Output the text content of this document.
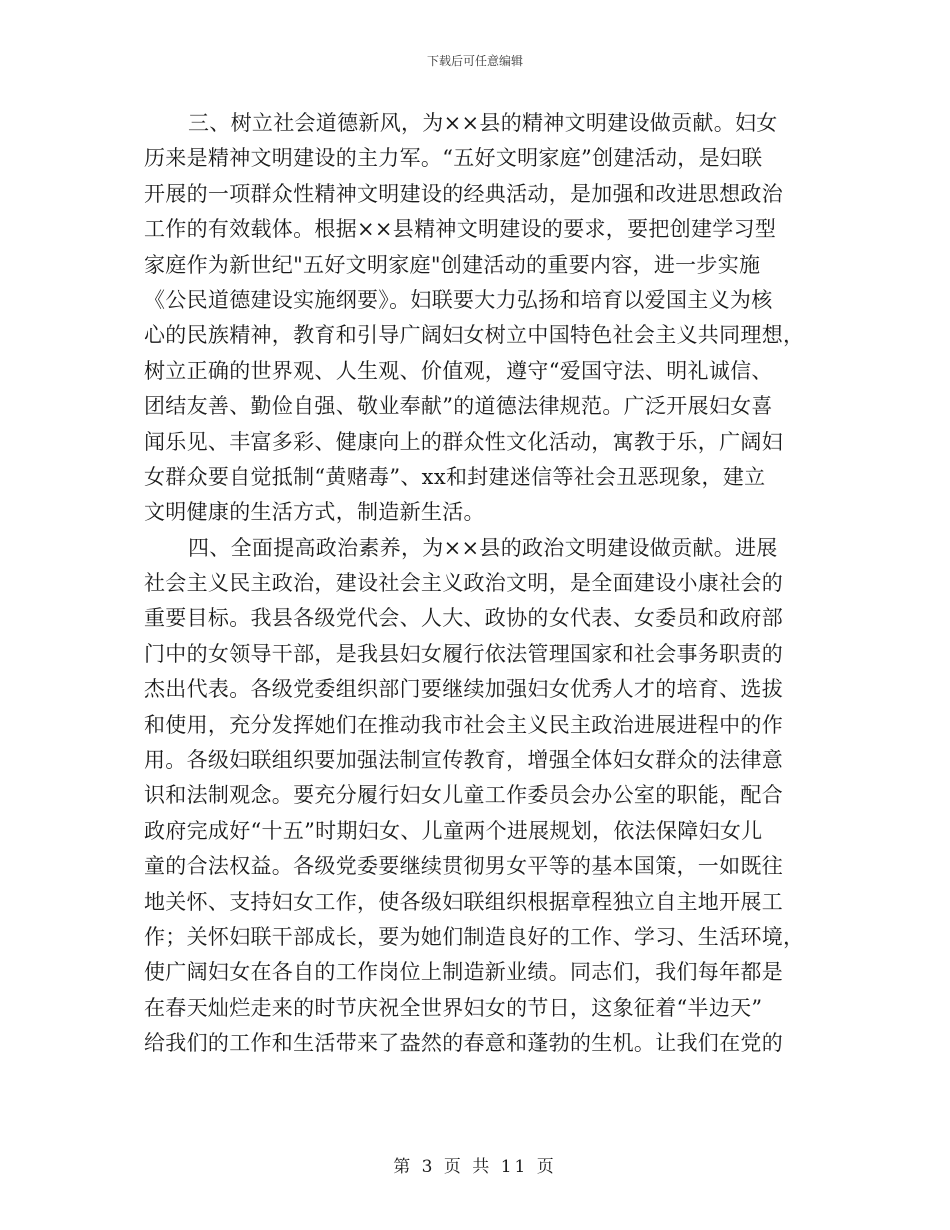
下载后可任意编辑
三、树立社会道德新风，为××县的精神文明建设做贡献。妇女
历来是精神文明建设的主力军。“五好文明家庭”创建活动，是妇联
开展的一项群众性精神文明建设的经典活动，是加强和改进思想政治
工作的有效载体。根据××县精神文明建设的要求，要把创建学习型
家庭作为新世纪"五好文明家庭"创建活动的重要内容，进一步实施
《公民道德建设实施纲要》。妇联要大力弘扬和培育以爱国主义为核
心的民族精神，教育和引导广阔妇女树立中国特色社会主义共同理想，
树立正确的世界观、人生观、价值观，遵守“爱国守法、明礼诚信、
团结友善、勤俭自强、敬业奉献”的道德法律规范。广泛开展妇女喜
闻乐见、丰富多彩、健康向上的群众性文化活动，寓教于乐，广阔妇
女群众要自觉抵制“黄赌毒”、xx和封建迷信等社会丑恶现象，建立
文明健康的生活方式，制造新生活。
四、全面提高政治素养，为××县的政治文明建设做贡献。进展
社会主义民主政治，建设社会主义政治文明，是全面建设小康社会的
重要目标。我县各级党代会、人大、政协的女代表、女委员和政府部
门中的女领导干部，是我县妇女履行依法管理国家和社会事务职责的
杰出代表。各级党委组织部门要继续加强妇女优秀人才的培育、选拔
和使用，充分发挥她们在推动我市社会主义民主政治进展进程中的作
用。各级妇联组织要加强法制宣传教育，增强全体妇女群众的法律意
识和法制观念。要充分履行妇女儿童工作委员会办公室的职能，配合
政府完成好“十五”时期妇女、儿童两个进展规划，依法保障妇女儿
童的合法权益。各级党委要继续贯彻男女平等的基本国策，一如既往
地关怀、支持妇女工作，使各级妇联组织根据章程独立自主地开展工
作；关怀妇联干部成长，要为她们制造良好的工作、学习、生活环境，
使广阔妇女在各自的工作岗位上制造新业绩。同志们，我们每年都是
在春天灿烂走来的时节庆祝全世界妇女的节日，这象征着“半边天”
给我们的工作和生活带来了盎然的春意和蓬勃的生机。让我们在党的
第 3 页 共 11 页
